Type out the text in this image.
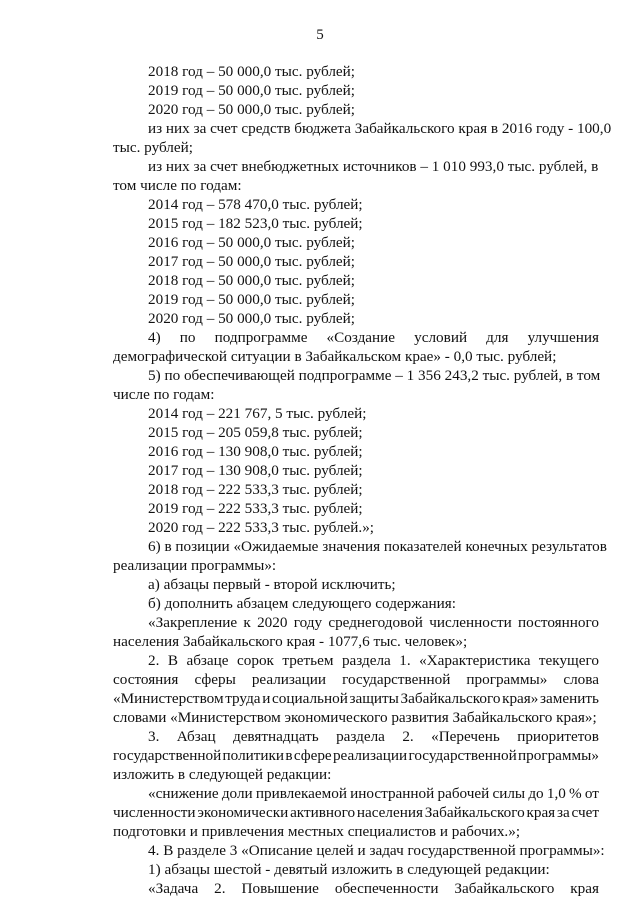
5
2018 год – 50 000,0 тыс. рублей;
2019 год – 50 000,0 тыс. рублей;
2020 год – 50 000,0 тыс. рублей;
из них за счет средств бюджета Забайкальского края в 2016 году - 100,0
тыс. рублей;
из них за счет внебюджетных источников – 1 010 993,0 тыс. рублей, в
том числе по годам:
2014 год – 578 470,0 тыс. рублей;
2015 год – 182 523,0 тыс. рублей;
2016 год – 50 000,0 тыс. рублей;
2017 год – 50 000,0 тыс. рублей;
2018 год – 50 000,0 тыс. рублей;
2019 год – 50 000,0 тыс. рублей;
2020 год – 50 000,0 тыс. рублей;
4) по подпрограмме «Создание условий для улучшения
демографической ситуации в Забайкальском крае» - 0,0 тыс. рублей;
5) по обеспечивающей подпрограмме – 1 356 243,2 тыс. рублей, в том
числе по годам:
2014 год – 221 767, 5 тыс. рублей;
2015 год – 205 059,8 тыс. рублей;
2016 год – 130 908,0 тыс. рублей;
2017 год – 130 908,0 тыс. рублей;
2018 год – 222 533,3 тыс. рублей;
2019 год – 222 533,3 тыс. рублей;
2020 год – 222 533,3 тыс. рублей.»;
6) в позиции «Ожидаемые значения показателей конечных результатов
реализации программы»:
а) абзацы первый - второй исключить;
б) дополнить абзацем следующего содержания:
«Закрепление к 2020 году среднегодовой численности постоянного
населения Забайкальского края - 1077,6 тыс. человек»;
2. В абзаце сорок третьем раздела 1. «Характеристика текущего
состояния сферы реализации государственной программы» слова
«Министерством труда и социальной защиты Забайкальского края» заменить
словами «Министерством экономического развития Забайкальского края»;
3. Абзац девятнадцать раздела 2. «Перечень приоритетов
государственной политики в сфере реализации государственной программы»
изложить в следующей редакции:
«снижение доли привлекаемой иностранной рабочей силы до 1,0 % от
численности экономически активного населения Забайкальского края за счет
подготовки и привлечения местных специалистов и рабочих.»;
4. В разделе 3 «Описание целей и задач государственной программы»:
1) абзацы шестой - девятый изложить в следующей редакции:
«Задача 2. Повышение обеспеченности Забайкальского края
